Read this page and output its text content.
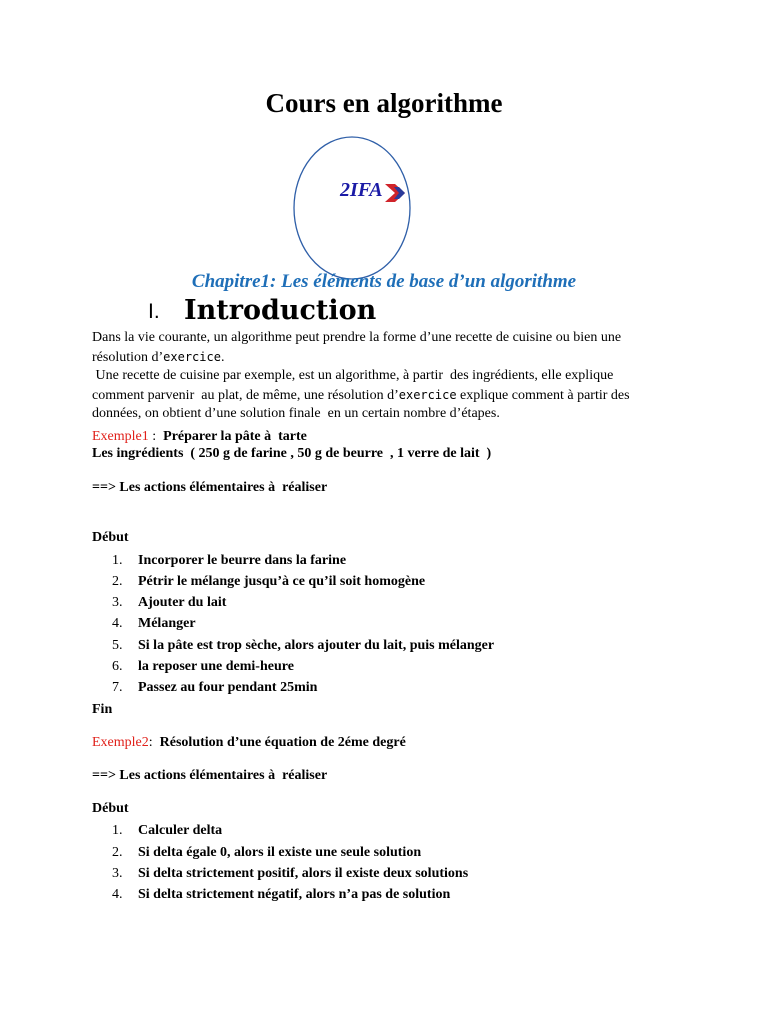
Cours en algorithme
2IFA
Chapitre1: Les éléments de base d’un algorithme
I. Introduction
Dans la vie courante, un algorithme peut prendre la forme d’une recette de cuisine ou bien une
résolution d’exercice.
Une recette de cuisine par exemple, est un algorithme, à partir  des ingrédients, elle explique
comment parvenir  au plat, de même, une résolution d’exercice explique comment à partir des
données, on obtient d’une solution finale  en un certain nombre d’étapes.
Exemple1 :  Préparer la pâte à  tarte
Les ingrédients  ( 250 g de farine , 50 g de beurre  , 1 verre de lait  )
==> Les actions élémentaires à  réaliser
Début
1. Incorporer le beurre dans la farine
2. Pétrir le mélange jusqu’à ce qu’il soit homogène
3. Ajouter du lait
4. Mélanger
5. Si la pâte est trop sèche, alors ajouter du lait, puis mélanger
6. la reposer une demi-heure
7. Passez au four pendant 25min
Fin
Exemple2:  Résolution d’une équation de 2éme degré
==> Les actions élémentaires à  réaliser
Début
1. Calculer delta
2. Si delta égale 0, alors il existe une seule solution
3. Si delta strictement positif, alors il existe deux solutions
4. Si delta strictement négatif, alors n’a pas de solution
